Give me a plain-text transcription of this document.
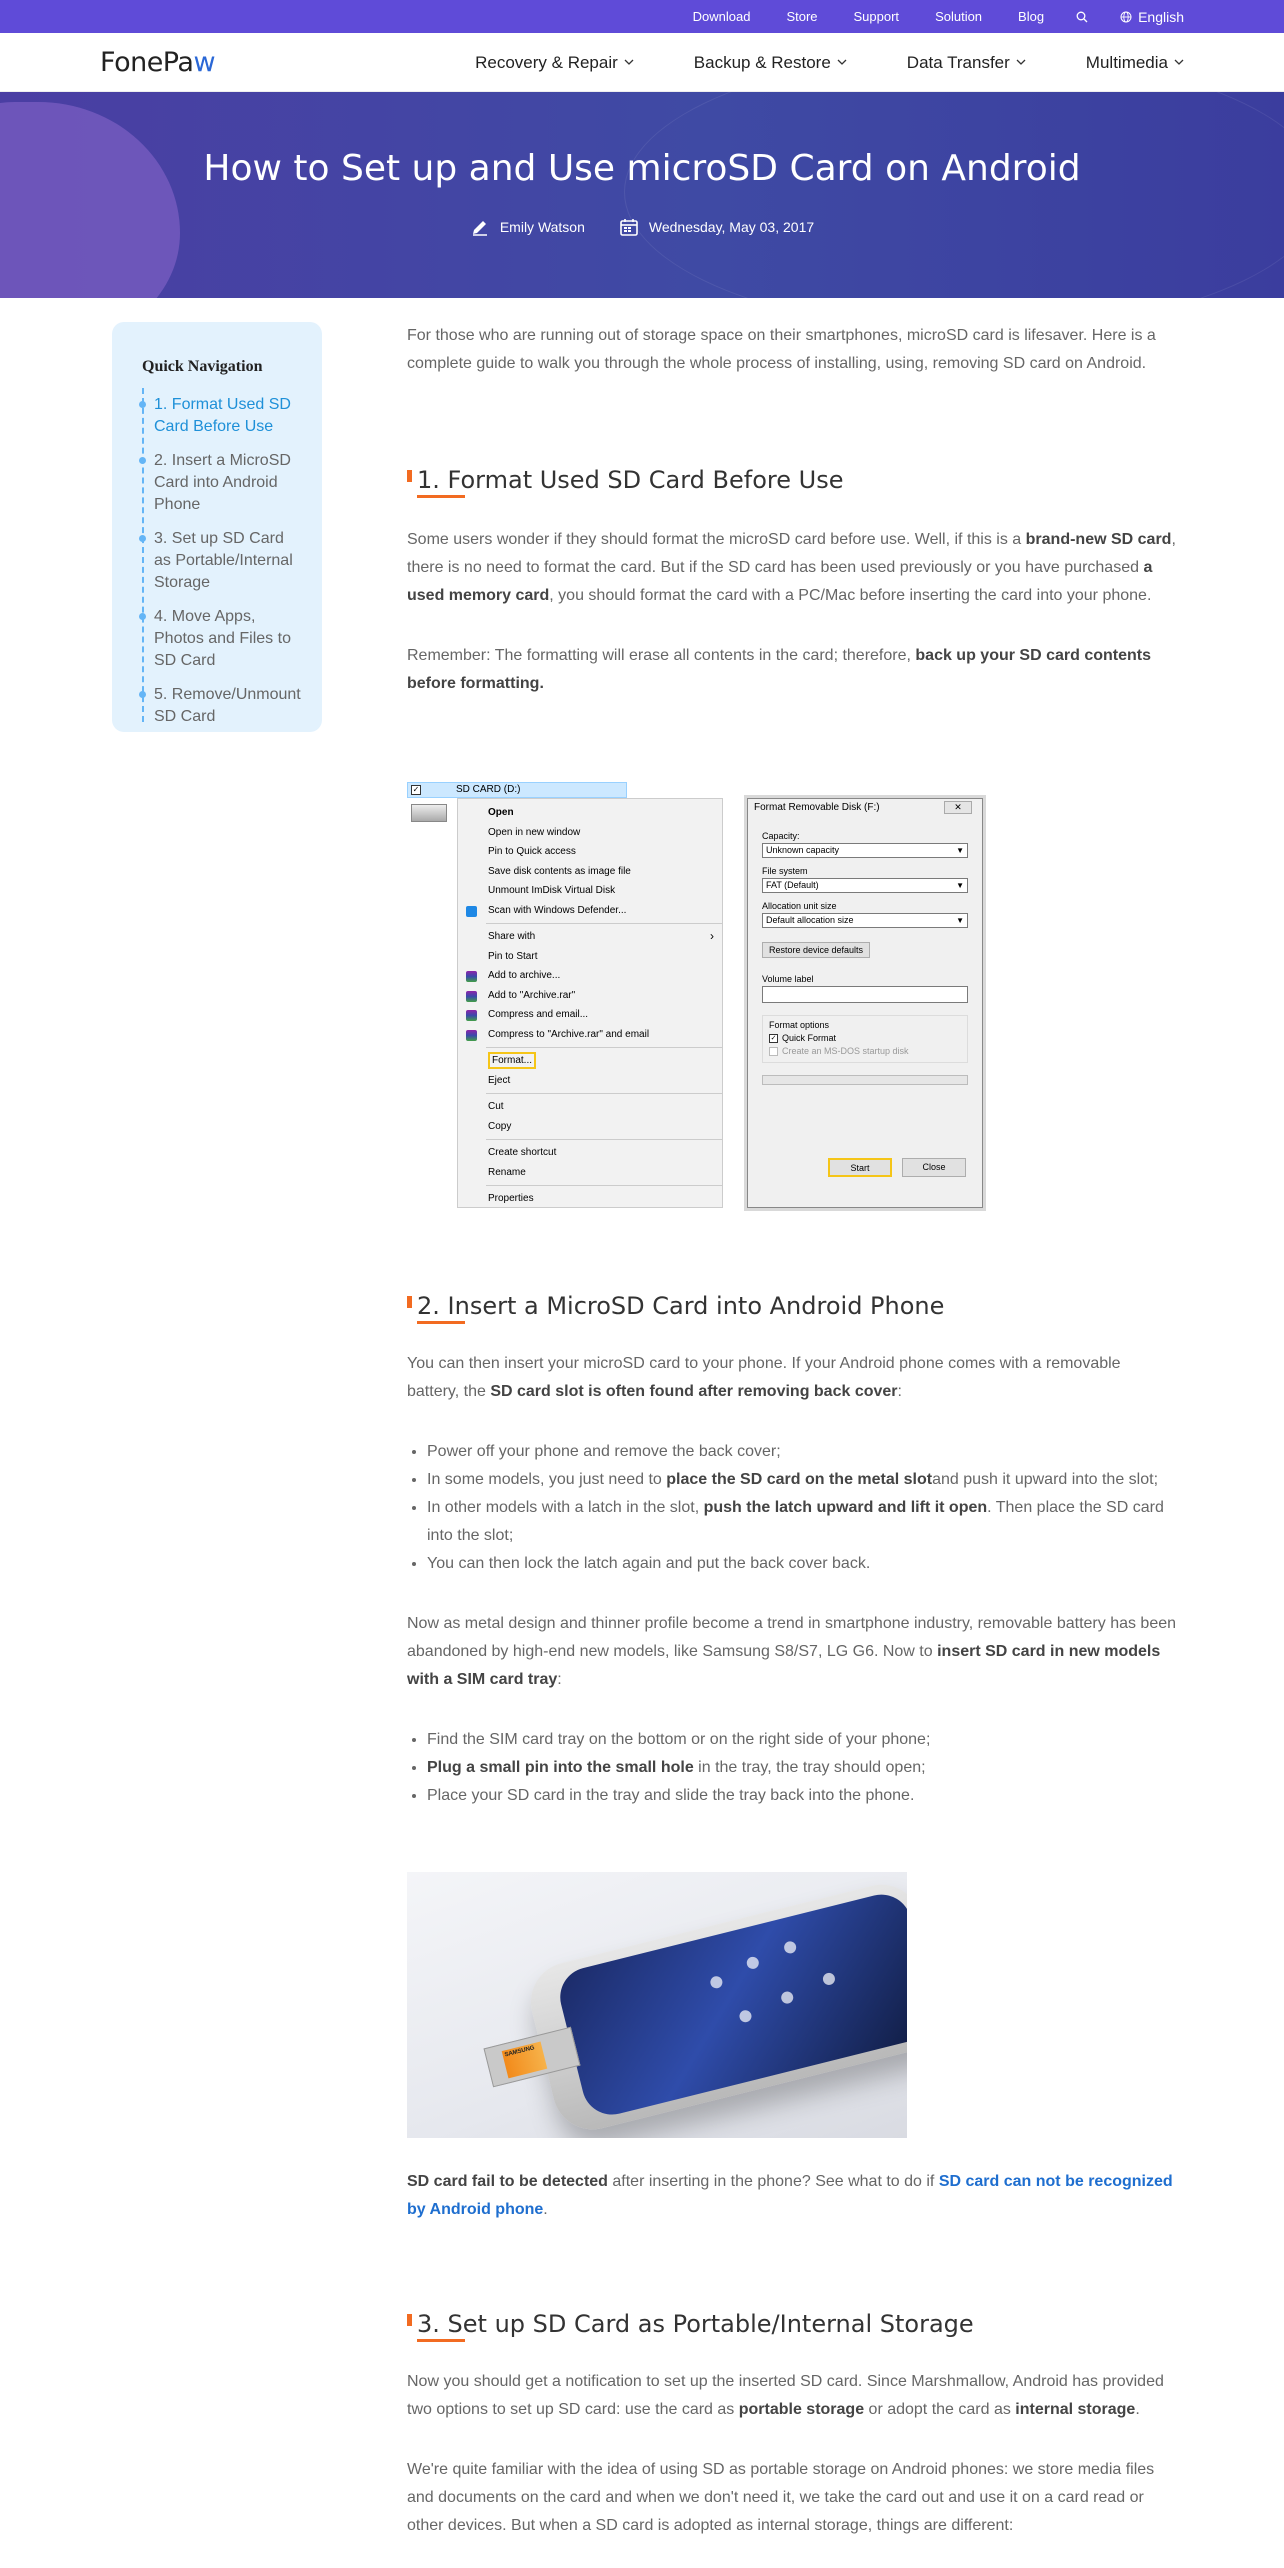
Download	Store	Support	Solution	Blog	English
FonePaw	Recovery & Repair	Backup & Restore	Data Transfer	Multimedia
How to Set up and Use microSD Card on Android
Emily Watson	Wednesday, May 03, 2017
Quick Navigation
1. Format Used SD Card Before Use
2. Insert a MicroSD Card into Android Phone
3. Set up SD Card as Portable/Internal Storage
4. Move Apps, Photos and Files to SD Card
5. Remove/Unmount SD Card

For those who are running out of storage space on their smartphones, microSD card is lifesaver. Here is a complete guide to walk you through the whole process of installing, using, removing SD card on Android.

1. Format Used SD Card Before Use

Some users wonder if they should format the microSD card before use. Well, if this is a brand-new SD card, there is no need to format the card. But if the SD card has been used previously or you have purchased a used memory card, you should format the card with a PC/Mac before inserting the card into your phone.

Remember: The formatting will erase all contents in the card; therefore, back up your SD card contents before formatting.

✓	SD CARD (D:)
Open
Open in new window
Pin to Quick access
Save disk contents as image file
Unmount ImDisk Virtual Disk
Scan with Windows Defender...
Share with	›
Pin to Start
Add to archive...
Add to "Archive.rar"
Compress and email...
Compress to "Archive.rar" and email
Format...
Eject
Cut
Copy
Create shortcut
Rename
Properties
Format Removable Disk (F:)	✕
Capacity:
Unknown capacity	▼
File system
FAT (Default)	▼
Allocation unit size
Default allocation size	▼
Restore device defaults
Volume label
Format options
✓ Quick Format
Create an MS-DOS startup disk
Start	Close
2. Insert a MicroSD Card into Android Phone

You can then insert your microSD card to your phone. If your Android phone comes with a removable battery, the SD card slot is often found after removing back cover:

• Power off your phone and remove the back cover;
• In some models, you just need to place the SD card on the metal slotand push it upward into the slot;
• In other models with a latch in the slot, push the latch upward and lift it open. Then place the SD card into the slot;
• You can then lock the latch again and put the back cover back.

Now as metal design and thinner profile become a trend in smartphone industry, removable battery has been abandoned by high-end new models, like Samsung S8/S7, LG G6. Now to insert SD card in new models with a SIM card tray:

• Find the SIM card tray on the bottom or on the right side of your phone;
• Plug a small pin into the small hole in the tray, the tray should open;
• Place your SD card in the tray and slide the tray back into the phone.
SAMSUNG

SD card fail to be detected after inserting in the phone? See what to do if SD card can not be recognized by Android phone.

3. Set up SD Card as Portable/Internal Storage

Now you should get a notification to set up the inserted SD card. Since Marshmallow, Android has provided two options to set up SD card: use the card as portable storage or adopt the card as internal storage.

We're quite familiar with the idea of using SD as portable storage on Android phones: we store media files and documents on the card and when we don't need it, we take the card out and use it on a card read or other devices. But when a SD card is adopted as internal storage, things are different:
